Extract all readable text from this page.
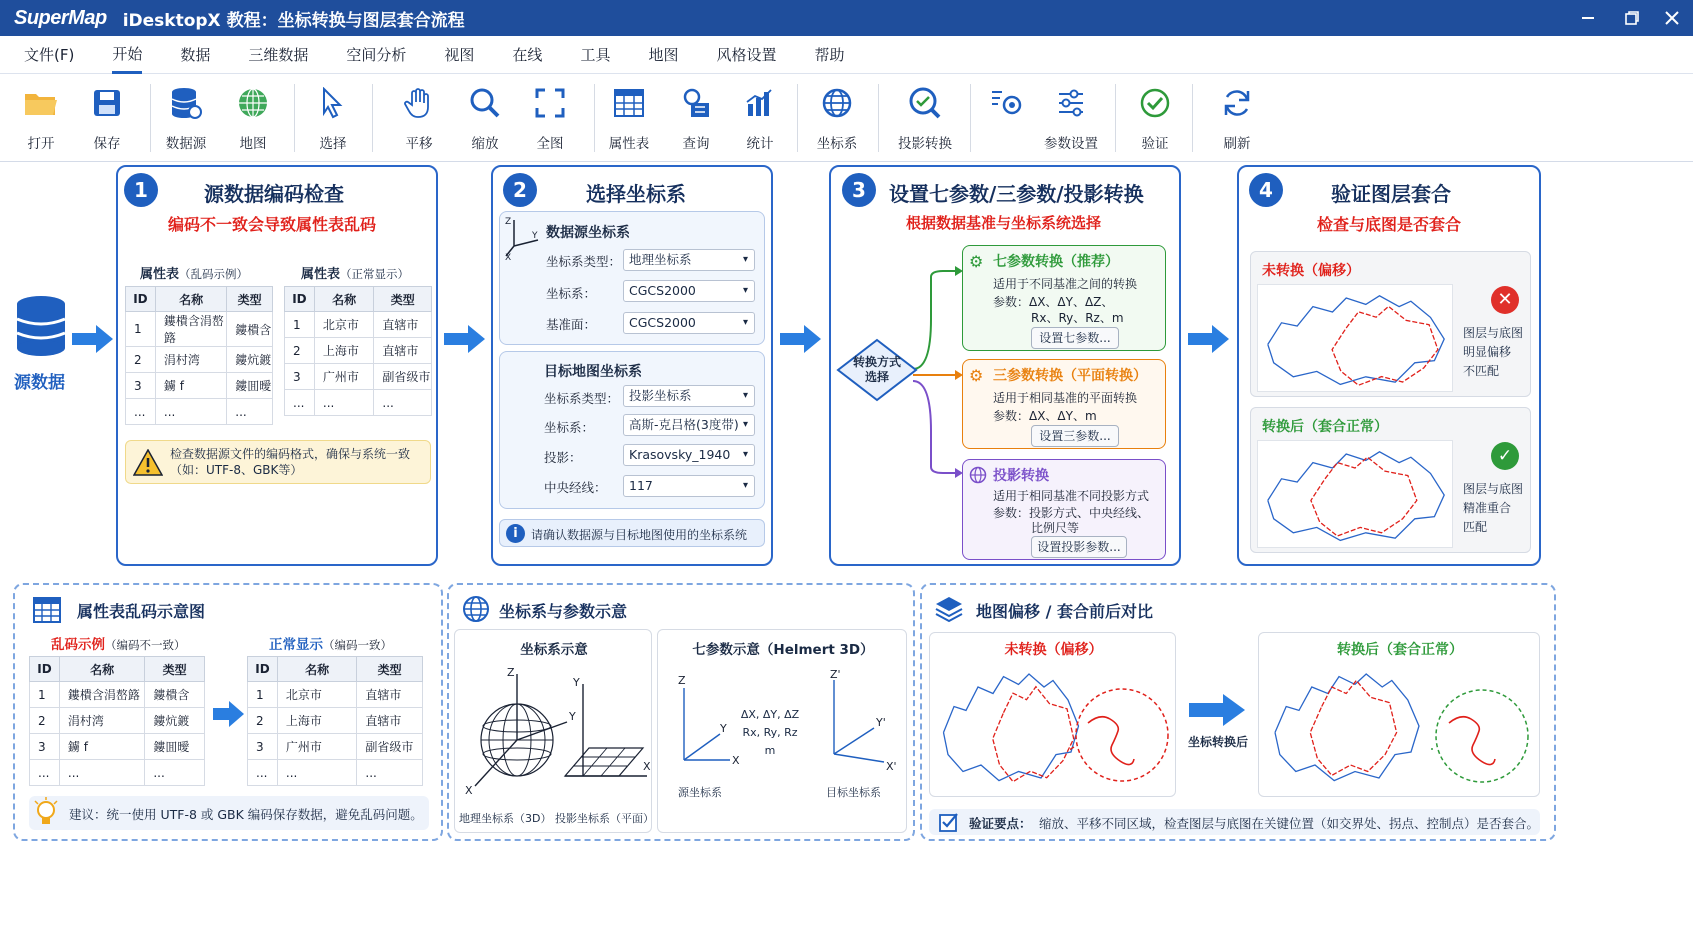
SuperMap iDesktopX 教程：坐标转换与图层套合流程
文件(F)	开始	数据	三维数据	空间分析	视图	在线	工具	地图	风格设置	帮助
打开	保存	数据源	地图	选择	平移	缩放	全图	属性表	查询	统计	坐标系	投影转换	参数设置	验证	刷新
源数据
1	源数据编码检查
编码不一致会导致属性表乱码
属性表（乱码示例）	属性表（正常显示）
ID	名称	类型
1	鏤樻含涓嶅簬	鏤樻含
2	涓村湾	鏤炕鍍
3	鐪 f	鏤囬曖
...	...	...
ID	名称	类型
1	北京市	直辖市
2	上海市	直辖市
3	广州市	副省级市
...	...	...
检查数据源文件的编码格式，确保与系统一致（如：UTF-8、GBK等）
2	选择坐标系
Z
Y
X
数据源坐标系
坐标系类型： 地理坐标系 ▾
坐标系：	CGCS2000 ▾
基准面：	CGCS2000 ▾
目标地图坐标系
坐标系类型： 投影坐标系 ▾
坐标系：	高斯-克吕格(3度带) ▾
投影：	Krasovsky_1940 ▾
中央经线：	117 ▾
i	请确认数据源与目标地图使用的坐标系统
3	设置七参数/三参数/投影转换
根据数据基准与坐标系统选择
转换方式
选择
⚙ 七参数转换（推荐）
适用于不同基准之间的转换
参数：ΔX、ΔY、ΔZ、
Rx、Ry、Rz、m
设置七参数...
⚙ 三参数转换（平面转换）
适用于相同基准的平面转换
参数：ΔX、ΔY、m
设置三参数...
投影转换
适用于相同基准不同投影方式
参数：投影方式、中央经线、
比例尺等
设置投影参数...
4	验证图层套合
检查与底图是否套合
未转换（偏移）
✕
图层与底图
明显偏移
不匹配
转换后（套合正常）
✓
图层与底图
精准重合
匹配
属性表乱码示意图
乱码示例（编码不一致）	正常显示（编码一致）
ID	名称	类型
1	鏤樻含涓嶅簬	鏤樻含
2	涓村湾	鏤炕鍍
3	鐪 f	鏤囬曖
...	...	...
ID	名称	类型
1	北京市	直辖市
2	上海市	直辖市
3	广州市	副省级市
...	...	...
建议：统一使用 UTF-8 或 GBK 编码保存数据，避免乱码问题。
坐标系与参数示意
坐标系示意
Z
Y
X
Y
X
地理坐标系（3D） 投影坐标系（平面）
七参数示意（Helmert 3D）
Z
Y
X
Z'
Y'
X'
ΔX, ΔY, ΔZ
Rx, Ry, Rz
m
源坐标系	目标坐标系
地图偏移 / 套合前后对比
未转换（偏移）
坐标转换后
转换后（套合正常）
验证要点： 缩放、平移不同区域，检查图层与底图在关键位置（如交界处、拐点、控制点）是否套合。
